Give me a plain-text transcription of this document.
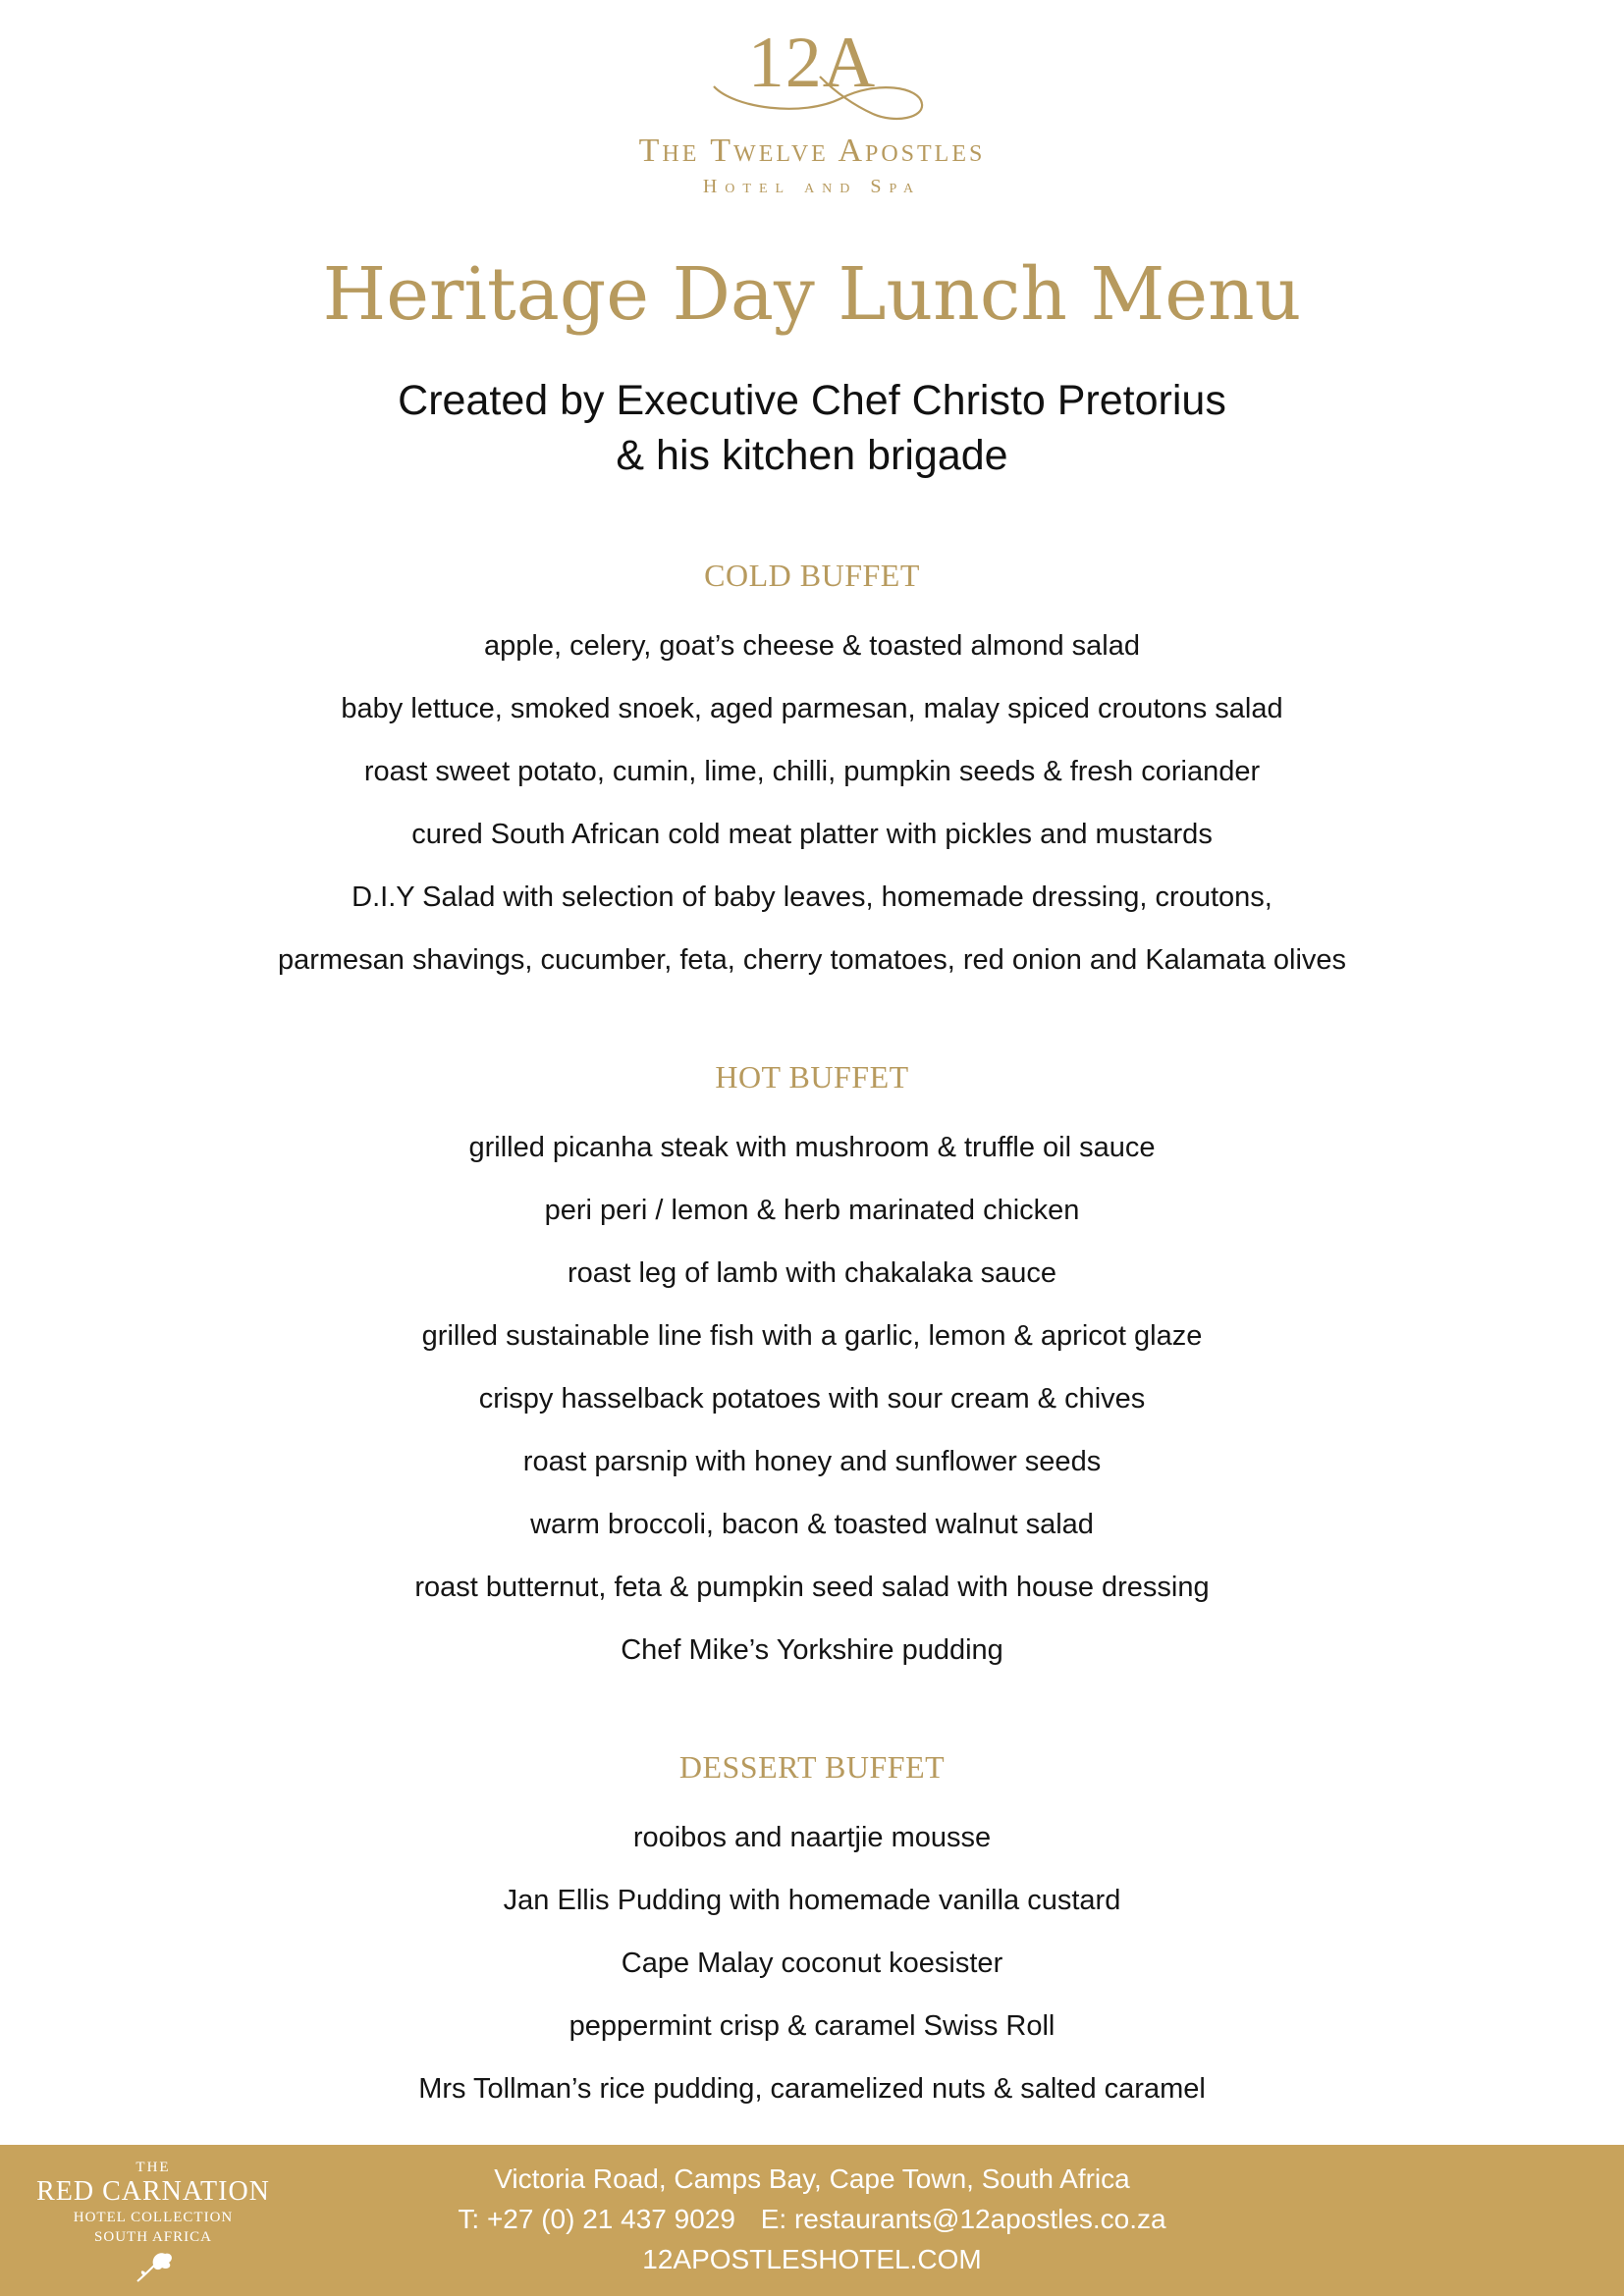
12A
The Twelve Apostles
Hotel and Spa
Heritage Day Lunch Menu
Created by Executive Chef Christo Pretorius
& his kitchen brigade
COLD BUFFET
apple, celery, goat’s cheese & toasted almond salad
baby lettuce, smoked snoek, aged parmesan, malay spiced croutons salad
roast sweet potato, cumin, lime, chilli, pumpkin seeds & fresh coriander
cured South African cold meat platter with pickles and mustards
D.I.Y Salad with selection of baby leaves, homemade dressing, croutons,
parmesan shavings, cucumber, feta, cherry tomatoes, red onion and Kalamata olives
HOT BUFFET
grilled picanha steak with mushroom & truffle oil sauce
peri peri / lemon & herb marinated chicken
roast leg of lamb with chakalaka sauce
grilled sustainable line fish with a garlic, lemon & apricot glaze
crispy hasselback potatoes with sour cream & chives
roast parsnip with honey and sunflower seeds
warm broccoli, bacon & toasted walnut salad
roast butternut, feta & pumpkin seed salad with house dressing
Chef Mike’s Yorkshire pudding
DESSERT BUFFET
rooibos and naartjie mousse
Jan Ellis Pudding with homemade vanilla custard
Cape Malay coconut koesister
peppermint crisp & caramel Swiss Roll
Mrs Tollman’s rice pudding, caramelized nuts & salted caramel
THE
RED CARNATION
HOTEL COLLECTION
SOUTH AFRICA
Victoria Road, Camps Bay, Cape Town, South Africa
T: +27 (0) 21 437 9029 E: restaurants@12apostles.co.za
12APOSTLESHOTEL.COM
